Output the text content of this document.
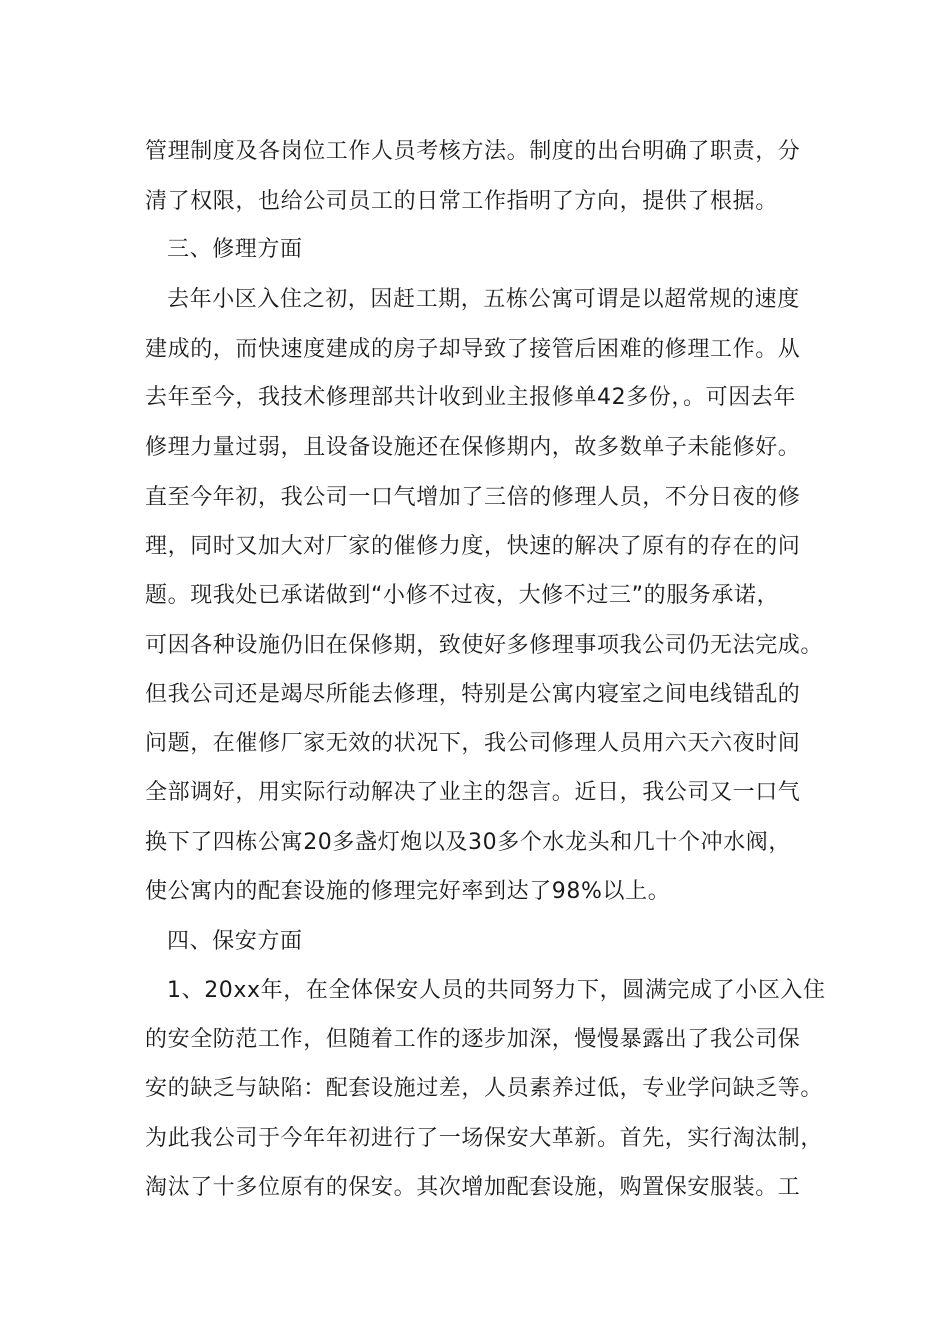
管理制度及各岗位工作人员考核方法。制度的出台明确了职责，分
清了权限，也给公司员工的日常工作指明了方向，提供了根据。
三、修理方面
去年小区入住之初，因赶工期，五栋公寓可谓是以超常规的速度
建成的，而快速度建成的房子却导致了接管后困难的修理工作。从
去年至今，我技术修理部共计收到业主报修单42多份，。可因去年
修理力量过弱，且设备设施还在保修期内，故多数单子未能修好。
直至今年初，我公司一口气增加了三倍的修理人员，不分日夜的修
理，同时又加大对厂家的催修力度，快速的解决了原有的存在的问
题。现我处已承诺做到“小修不过夜，大修不过三”的服务承诺，
可因各种设施仍旧在保修期，致使好多修理事项我公司仍无法完成。
但我公司还是竭尽所能去修理，特别是公寓内寝室之间电线错乱的
问题，在催修厂家无效的状况下，我公司修理人员用六天六夜时间
全部调好，用实际行动解决了业主的怨言。近日，我公司又一口气
换下了四栋公寓20多盏灯炮以及30多个水龙头和几十个冲水阀，
使公寓内的配套设施的修理完好率到达了98%以上。
四、保安方面
1、20xx年，在全体保安人员的共同努力下，圆满完成了小区入住
的安全防范工作，但随着工作的逐步加深，慢慢暴露出了我公司保
安的缺乏与缺陷：配套设施过差，人员素养过低，专业学问缺乏等。
为此我公司于今年年初进行了一场保安大革新。首先，实行淘汰制，
淘汰了十多位原有的保安。其次增加配套设施，购置保安服装。工
